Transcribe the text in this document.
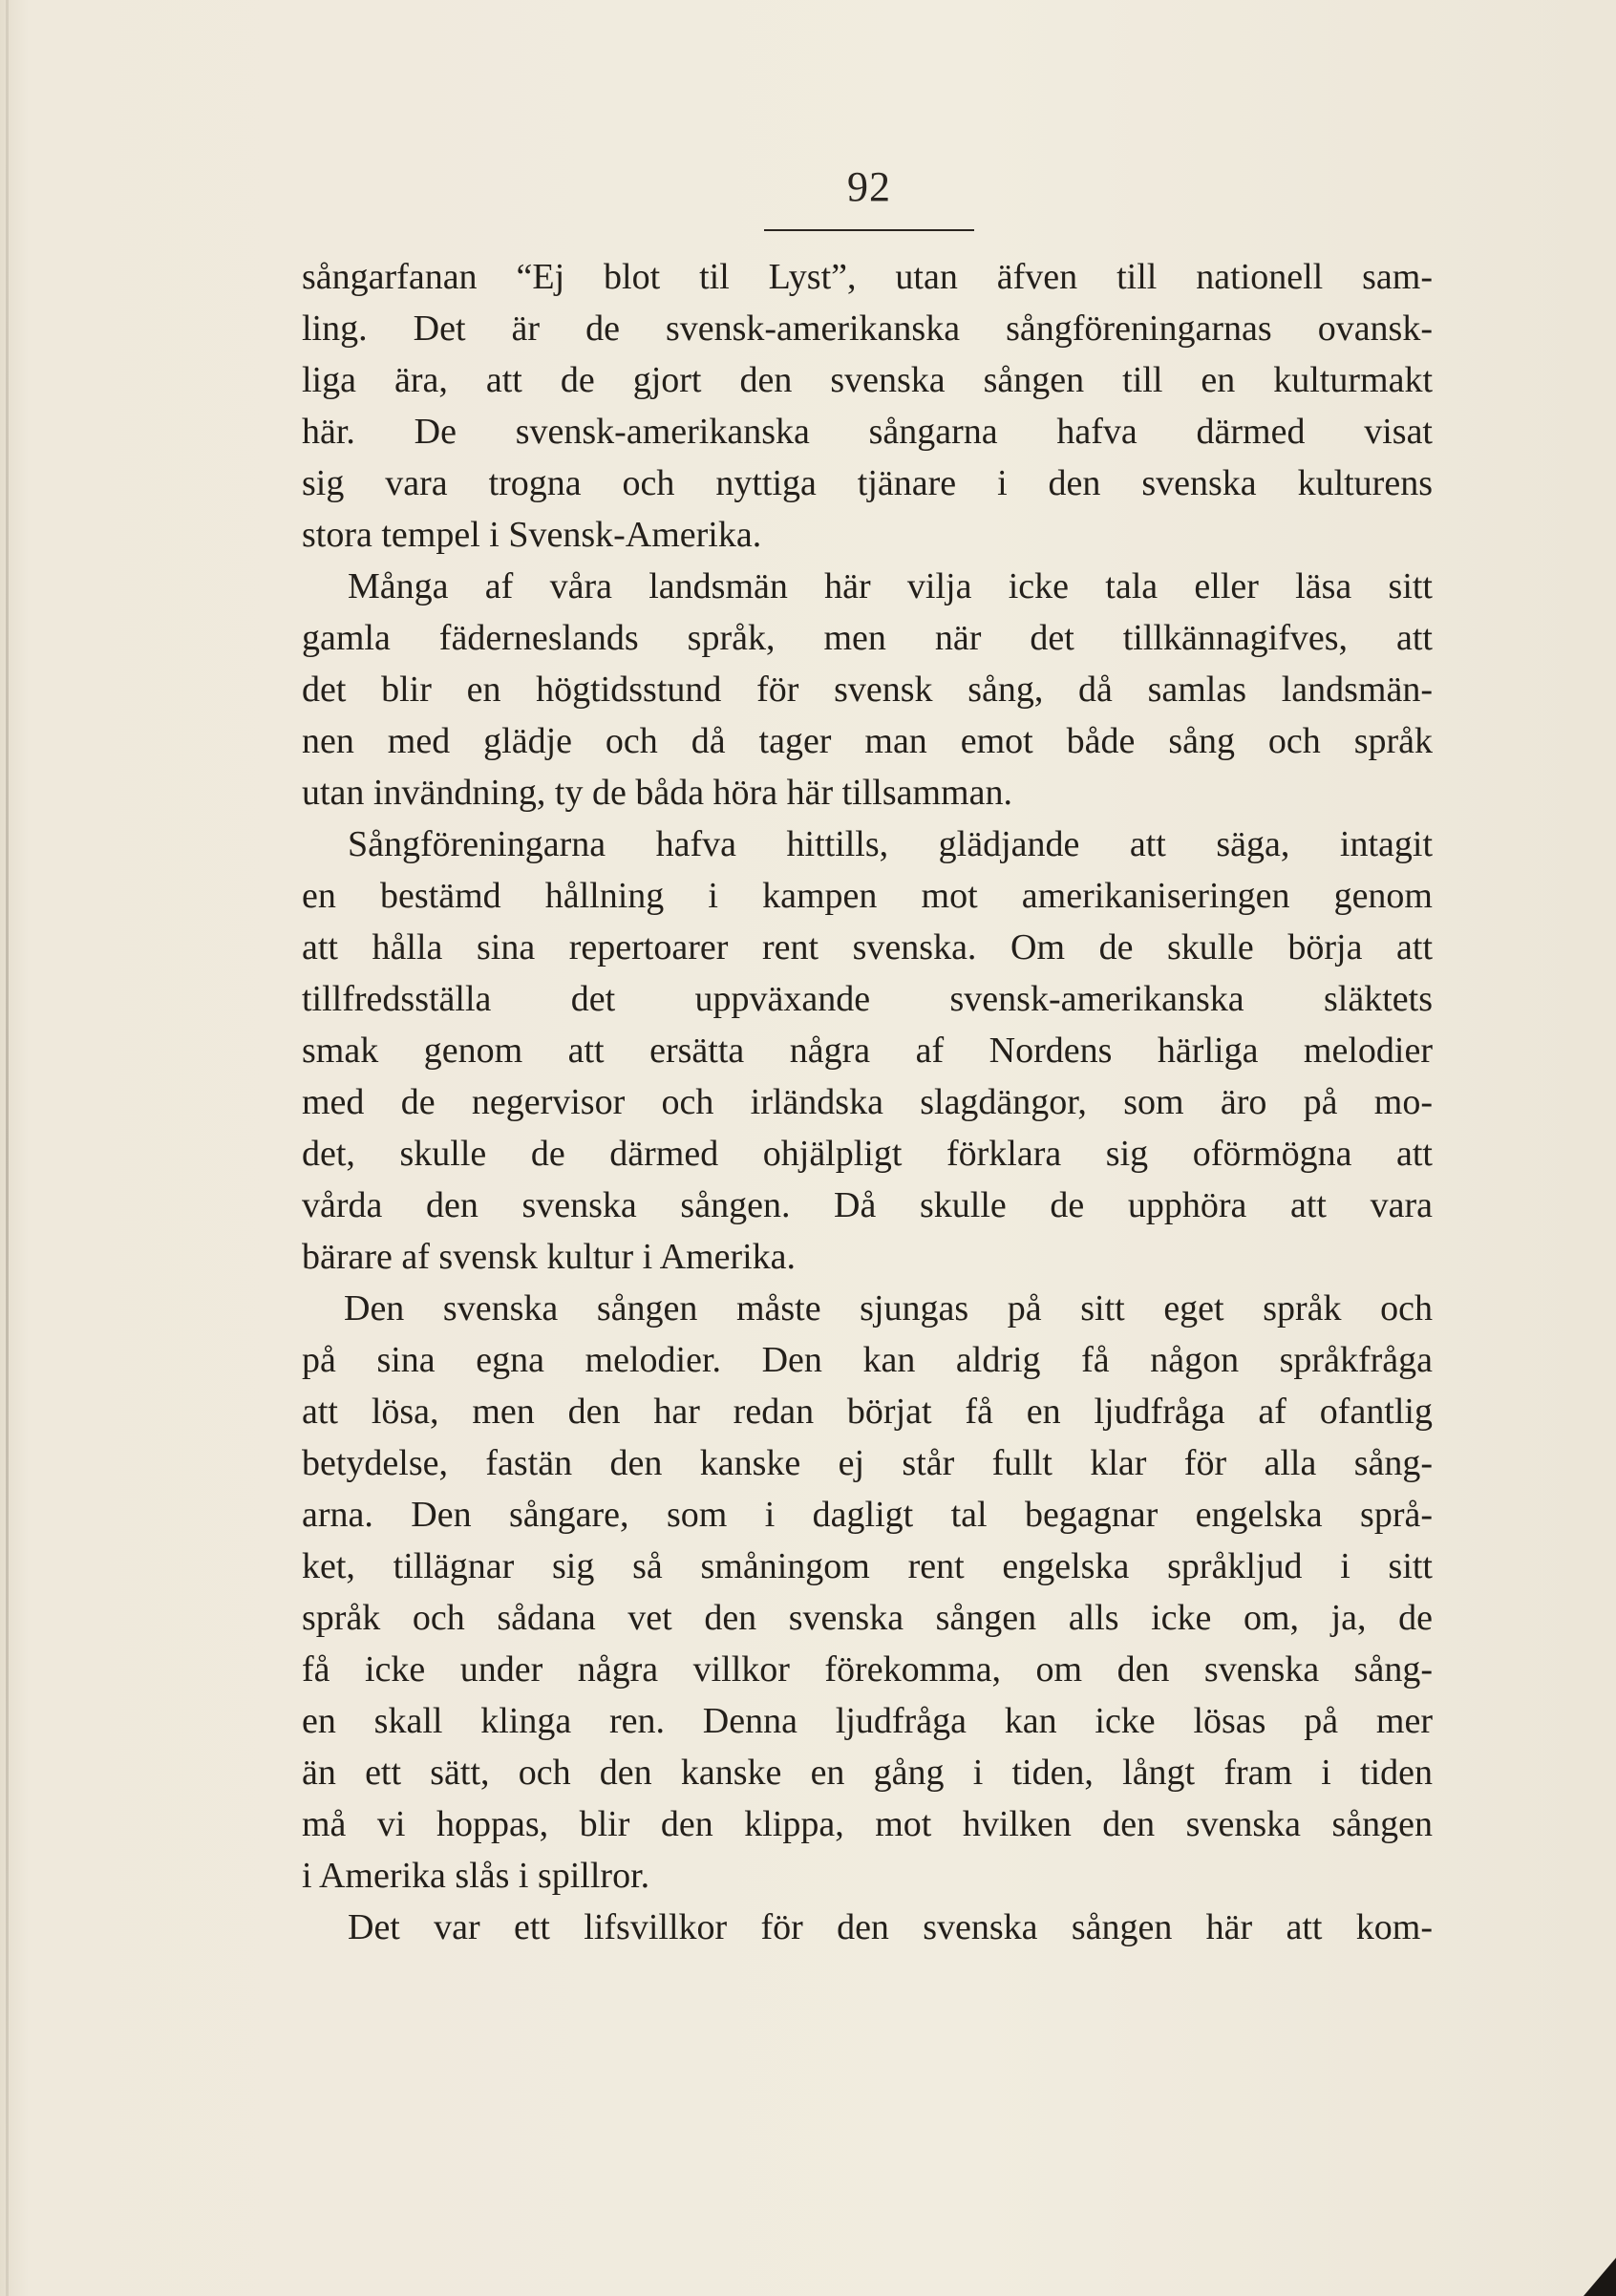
92
sångarfanan “Ej blot til Lyst”, utan äfven till nationell sam-
ling. Det är de svensk-amerikanska sångföreningarnas ovansk-
liga ära, att de gjort den svenska sången till en kulturmakt
här. De svensk-amerikanska sångarna hafva därmed visat
sig vara trogna och nyttiga tjänare i den svenska kulturens
stora tempel i Svensk-Amerika.
Många af våra landsmän här vilja icke tala eller läsa sitt
gamla fäderneslands språk, men när det tillkännagifves, att
det blir en högtidsstund för svensk sång, då samlas landsmän-
nen med glädje och då tager man emot både sång och språk
utan invändning, ty de båda höra här tillsamman.
Sångföreningarna hafva hittills, glädjande att säga, intagit
en bestämd hållning i kampen mot amerikaniseringen genom
att hålla sina repertoarer rent svenska. Om de skulle börja att
tillfredsställa det uppväxande svensk-amerikanska släktets
smak genom att ersätta några af Nordens härliga melodier
med de negervisor och irländska slagdängor, som äro på mo-
det, skulle de därmed ohjälpligt förklara sig oförmögna att
vårda den svenska sången. Då skulle de upphöra att vara
bärare af svensk kultur i Amerika.
Den svenska sången måste sjungas på sitt eget språk och
på sina egna melodier. Den kan aldrig få någon språkfråga
att lösa, men den har redan börjat få en ljudfråga af ofantlig
betydelse, fastän den kanske ej står fullt klar för alla sång-
arna. Den sångare, som i dagligt tal begagnar engelska språ-
ket, tillägnar sig så småningom rent engelska språkljud i sitt
språk och sådana vet den svenska sången alls icke om, ja, de
få icke under några villkor förekomma, om den svenska sång-
en skall klinga ren. Denna ljudfråga kan icke lösas på mer
än ett sätt, och den kanske en gång i tiden, långt fram i tiden
må vi hoppas, blir den klippa, mot hvilken den svenska sången
i Amerika slås i spillror.
Det var ett lifsvillkor för den svenska sången här att kom-
